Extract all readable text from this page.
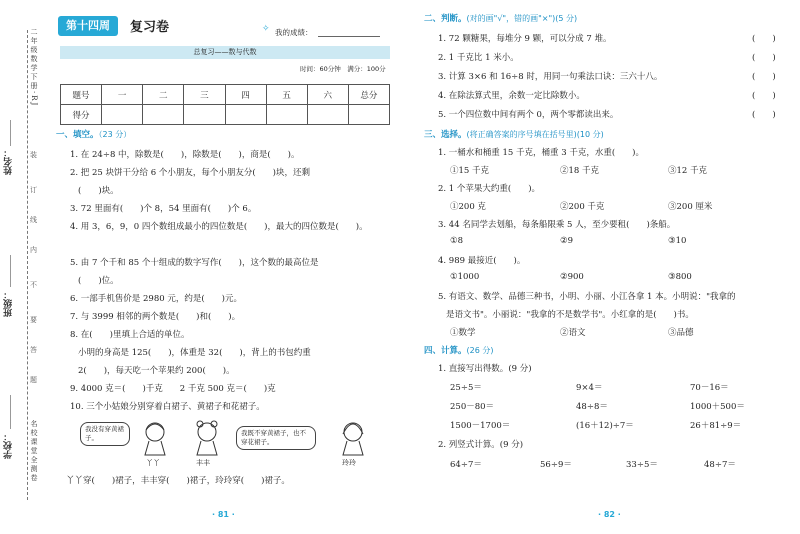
姓名：
班级：
学校：
二年级数学下册·RJ
装
订
线
内
不
要
答
题
名校课堂全测卷
第十四周	复习卷	✧ 我的成绩：
总复习——数与代数
时间：60分钟　满分：100分
题号	一	二	三	四	五	六	总分
得分							
一、填空。（23 分）
1. 在 24÷8 中，除数是(　　)，除数是(　　)，商是(　　)。
2. 把 25 块饼干分给 6 个小朋友，每个小朋友分(　　)块，还剩
(　　)块。
3. 72 里面有(　　)个 8，54 里面有(　　)个 6。
4. 用 3，6，9，0 四个数组成最小的四位数是(　　)，最大的四位数是(　　)。
5. 由 7 个千和 85 个十组成的数字写作(　　)，这个数的最高位是
(　　)位。
6. 一部手机售价是 2980 元，约是(　　)元。
7. 与 3999 相邻的两个数是(　　)和(　　)。
8. 在(　　)里填上合适的单位。
小明的身高是 125(　　)，体重是 32(　　)，背上的书包约重
2(　　)，每天吃一个苹果约 200(　　)。
9. 4000 克＝(　　)千克　　2 千克 500 克＝(　　)克
10. 三个小姑娘分别穿着白裙子、黄裙子和花裙子。
我没有穿黄裙子。
丫丫	丰丰
我既不穿黄裙子，也不穿花裙子。
玲玲
丫丫穿(　　)裙子，丰丰穿(　　)裙子，玲玲穿(　　)裙子。
· 81 ·
二、判断。(对的画"√"，错的画"×")(5 分)
1. 72 颗糖果，每堆分 9 颗，可以分成 7 堆。	(　　)
2. 1 千克比 1 米小。	(　　)
3. 计算 3×6 和 16÷8 时，用同一句乘法口诀：三六十八。	(　　)
4. 在除法算式里，余数一定比除数小。	(　　)
5. 一个四位数中间有两个 0，两个零都读出来。	(　　)
三、选择。(将正确答案的序号填在括号里)(10 分)
1. 一桶水和桶重 15 千克，桶重 3 千克，水重(　　)。
①15 千克	②18 千克	③12 千克
2. 1 个苹果大约重(　　)。
①200 克	②200 千克	③200 厘米
3. 44 名同学去划船，每条船限乘 5 人，至少要租(　　)条船。
①8	②9	③10
4. 989 最接近(　　)。
①1000	②900	③800
5. 有语文、数学、品德三种书，小明、小丽、小江各拿 1 本。小明说："我拿的
是语文书"。小丽说："我拿的不是数学书"。小红拿的是(　　)书。
①数学	②语文	③品德
四、计算。(26 分)
1. 直接写出得数。(9 分)
25÷5＝	9×4＝	70－16＝
250－80＝	48÷8＝	1000＋500＝
1500－1700＝	(16＋12)÷7＝	26＋81÷9＝
2. 列竖式计算。(9 分)
64÷7＝	56÷9＝	33÷5＝	48÷7＝
· 82 ·
